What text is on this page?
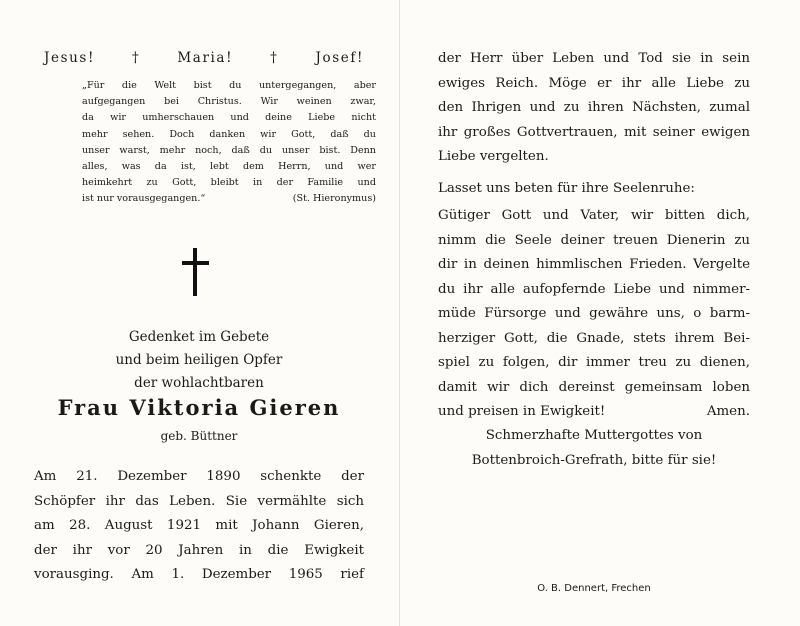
Jesus!	†	Maria!	†	Josef!
„Für die Welt bist du untergegangen, aber
aufgegangen bei Christus. Wir weinen zwar,
da wir umherschauen und deine Liebe nicht
mehr sehen. Doch danken wir Gott, daß du
unser warst, mehr noch, daß du unser bist. Denn
alles, was da ist, lebt dem Herrn, und wer
heimkehrt zu Gott, bleibt in der Familie und
ist nur vorausgegangen.“	(St. Hieronymus)
Gedenket im Gebete
und beim heiligen Opfer
der wohlachtbaren
Frau Viktoria Gieren
geb. Büttner
Am 21. Dezember 1890 schenkte der
Schöpfer ihr das Leben. Sie vermählte sich
am 28. August 1921 mit Johann Gieren,
der ihr vor 20 Jahren in die Ewigkeit
vorausging. Am 1. Dezember 1965 rief
der Herr über Leben und Tod sie in sein
ewiges Reich. Möge er ihr alle Liebe zu
den Ihrigen und zu ihren Nächsten, zumal
ihr großes Gottvertrauen, mit seiner ewigen
Liebe vergelten.
Lasset uns beten für ihre Seelenruhe:
Gütiger Gott und Vater, wir bitten dich,
nimm die Seele deiner treuen Dienerin zu
dir in deinen himmlischen Frieden. Vergelte
du ihr alle aufopfernde Liebe und nimmer-
müde Fürsorge und gewähre uns, o barm-
herziger Gott, die Gnade, stets ihrem Bei-
spiel zu folgen, dir immer treu zu dienen,
damit wir dich dereinst gemeinsam loben
und preisen in Ewigkeit!	Amen.
Schmerzhafte Muttergottes von
Bottenbroich-Grefrath, bitte für sie!
O. B. Dennert, Frechen
